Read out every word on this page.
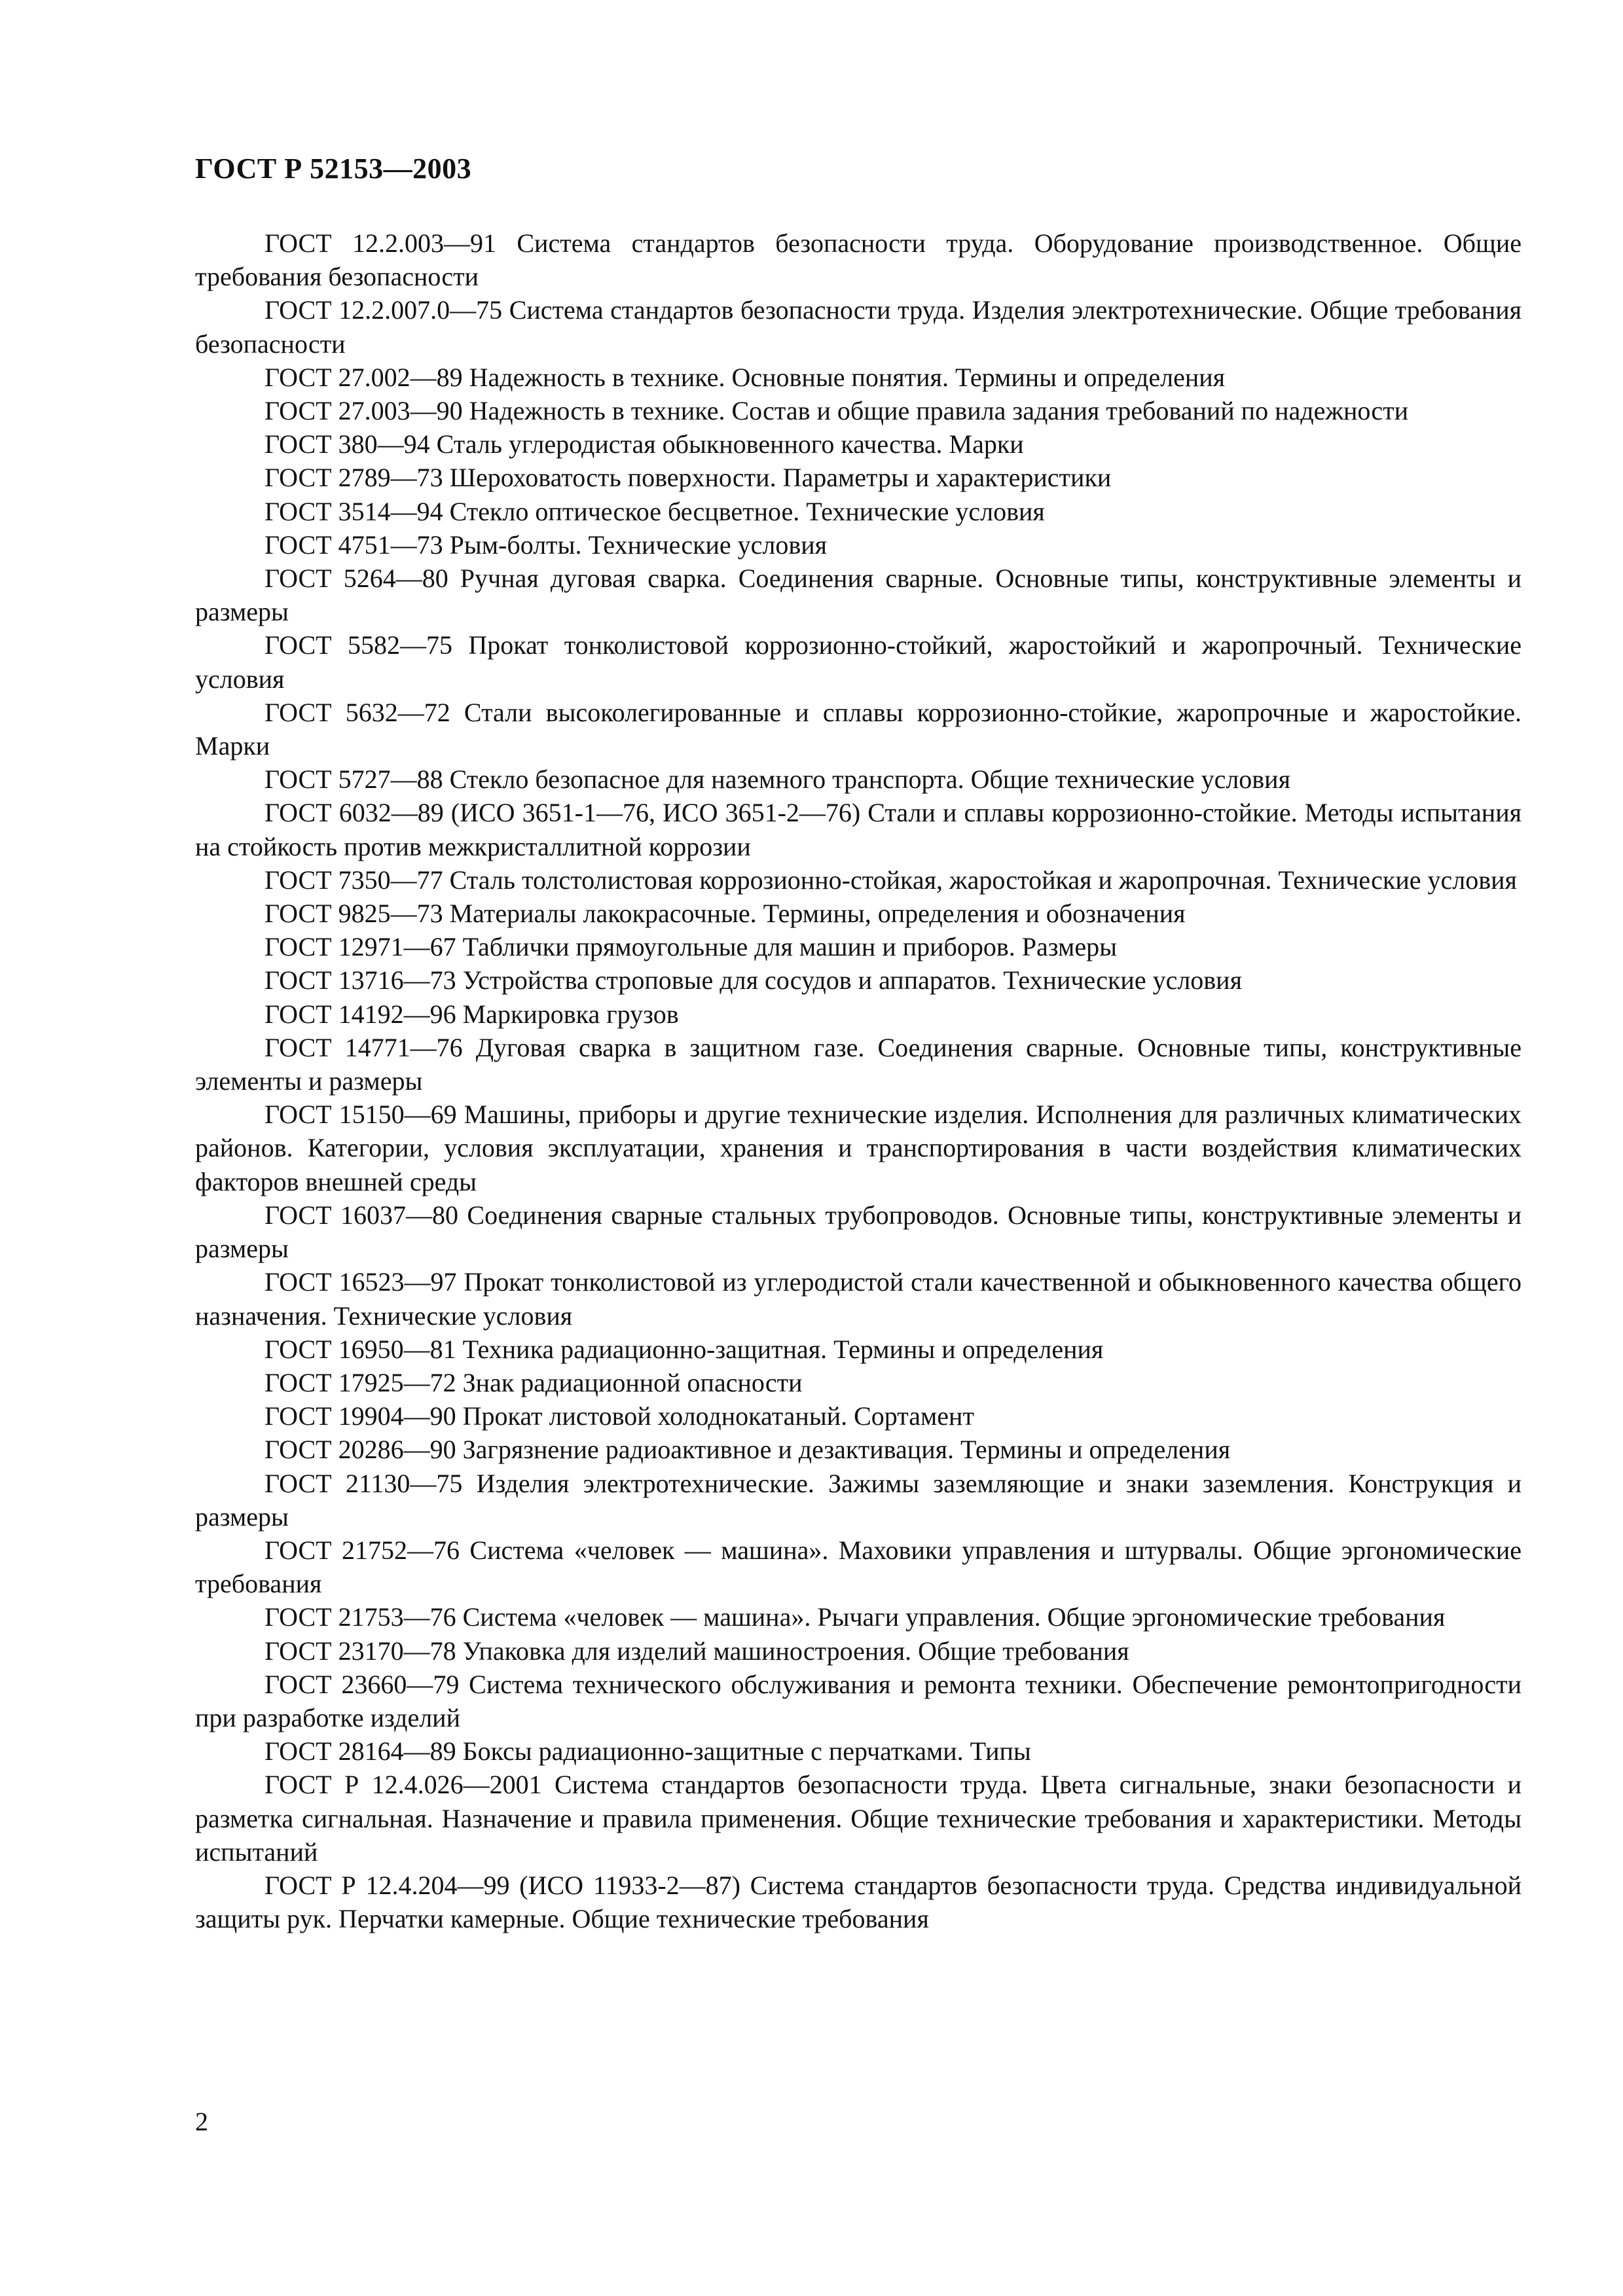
ГОСТ Р 52153—2003

ГОСТ 12.2.003—91 Система стандартов безопасности труда. Оборудование производственное. Общие требования безопасности

ГОСТ 12.2.007.0—75 Система стандартов безопасности труда. Изделия электротехнические. Общие требования безопасности

ГОСТ 27.002—89 Надежность в технике. Основные понятия. Термины и определения

ГОСТ 27.003—90 Надежность в технике. Состав и общие правила задания требований по надежности

ГОСТ 380—94 Сталь углеродистая обыкновенного качества. Марки

ГОСТ 2789—73 Шероховатость поверхности. Параметры и характеристики

ГОСТ 3514—94 Стекло оптическое бесцветное. Технические условия

ГОСТ 4751—73 Рым-болты. Технические условия

ГОСТ 5264—80 Ручная дуговая сварка. Соединения сварные. Основные типы, конструктивные элементы и размеры

ГОСТ 5582—75 Прокат тонколистовой коррозионно-стойкий, жаростойкий и жаропрочный. Технические условия

ГОСТ 5632—72 Стали высоколегированные и сплавы коррозионно-стойкие, жаропрочные и жаростойкие. Марки

ГОСТ 5727—88 Стекло безопасное для наземного транспорта. Общие технические условия

ГОСТ 6032—89 (ИСО 3651-1—76, ИСО 3651-2—76) Стали и сплавы коррозионно-стойкие. Методы испытания на стойкость против межкристаллитной коррозии

ГОСТ 7350—77 Сталь толстолистовая коррозионно-стойкая, жаростойкая и жаропрочная. Технические условия

ГОСТ 9825—73 Материалы лакокрасочные. Термины, определения и обозначения

ГОСТ 12971—67 Таблички прямоугольные для машин и приборов. Размеры

ГОСТ 13716—73 Устройства строповые для сосудов и аппаратов. Технические условия

ГОСТ 14192—96 Маркировка грузов

ГОСТ 14771—76 Дуговая сварка в защитном газе. Соединения сварные. Основные типы, конструктивные элементы и размеры

ГОСТ 15150—69 Машины, приборы и другие технические изделия. Исполнения для различных климатических районов. Категории, условия эксплуатации, хранения и транспортирования в части воздействия климатических факторов внешней среды

ГОСТ 16037—80 Соединения сварные стальных трубопроводов. Основные типы, конструктивные элементы и размеры

ГОСТ 16523—97 Прокат тонколистовой из углеродистой стали качественной и обыкновенного качества общего назначения. Технические условия

ГОСТ 16950—81 Техника радиационно-защитная. Термины и определения

ГОСТ 17925—72 Знак радиационной опасности

ГОСТ 19904—90 Прокат листовой холоднокатаный. Сортамент

ГОСТ 20286—90 Загрязнение радиоактивное и дезактивация. Термины и определения

ГОСТ 21130—75 Изделия электротехнические. Зажимы заземляющие и знаки заземления. Конструкция и размеры

ГОСТ 21752—76 Система «человек — машина». Маховики управления и штурвалы. Общие эргономические требования

ГОСТ 21753—76 Система «человек — машина». Рычаги управления. Общие эргономические требования

ГОСТ 23170—78 Упаковка для изделий машиностроения. Общие требования

ГОСТ 23660—79 Система технического обслуживания и ремонта техники. Обеспечение ремонтопригодности при разработке изделий

ГОСТ 28164—89 Боксы радиационно-защитные с перчатками. Типы

ГОСТ Р 12.4.026—2001 Система стандартов безопасности труда. Цвета сигнальные, знаки безопасности и разметка сигнальная. Назначение и правила применения. Общие технические требования и характеристики. Методы испытаний

ГОСТ Р 12.4.204—99 (ИСО 11933-2—87) Система стандартов безопасности труда. Средства индивидуальной защиты рук. Перчатки камерные. Общие технические требования

2
